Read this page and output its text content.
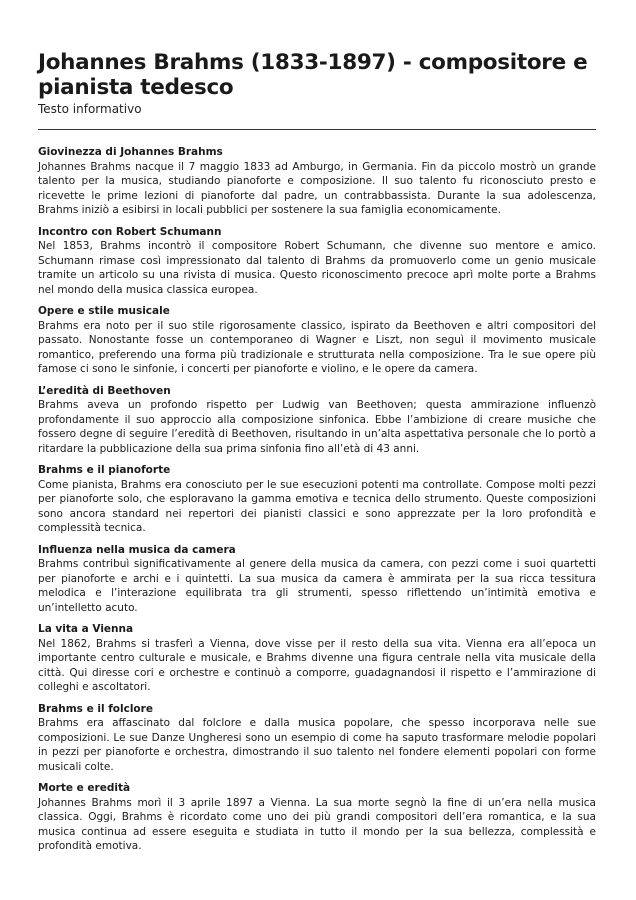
Johannes Brahms (1833-1897) - compositore e pianista tedesco
Testo informativo
Giovinezza di Johannes Brahms

Johannes Brahms nacque il 7 maggio 1833 ad Amburgo, in Germania. Fin da piccolo mostrò un grande talento per la musica, studiando pianoforte e composizione. Il suo talento fu riconosciuto presto e ricevette le prime lezioni di pianoforte dal padre, un contrabbassista. Durante la sua adolescenza, Brahms iniziò a esibirsi in locali pubblici per sostenere la sua famiglia economicamente.

Incontro con Robert Schumann

Nel 1853, Brahms incontrò il compositore Robert Schumann, che divenne suo mentore e amico. Schumann rimase così impressionato dal talento di Brahms da promuoverlo come un genio musicale tramite un articolo su una rivista di musica. Questo riconoscimento precoce aprì molte porte a Brahms nel mondo della musica classica europea.

Opere e stile musicale

Brahms era noto per il suo stile rigorosamente classico, ispirato da Beethoven e altri compositori del passato. Nonostante fosse un contemporaneo di Wagner e Liszt, non seguì il movimento musicale romantico, preferendo una forma più tradizionale e strutturata nella composizione. Tra le sue opere più famose ci sono le sinfonie, i concerti per pianoforte e violino, e le opere da camera.

L’eredità di Beethoven

Brahms aveva un profondo rispetto per Ludwig van Beethoven; questa ammirazione influenzò profondamente il suo approccio alla composizione sinfonica. Ebbe l’ambizione di creare musiche che fossero degne di seguire l’eredità di Beethoven, risultando in un’alta aspettativa personale che lo portò a ritardare la pubblicazione della sua prima sinfonia fino all’età di 43 anni.

Brahms e il pianoforte

Come pianista, Brahms era conosciuto per le sue esecuzioni potenti ma controllate. Compose molti pezzi per pianoforte solo, che esploravano la gamma emotiva e tecnica dello strumento. Queste composizioni sono ancora standard nei repertori dei pianisti classici e sono apprezzate per la loro profondità e complessità tecnica.

Influenza nella musica da camera

Brahms contribuì significativamente al genere della musica da camera, con pezzi come i suoi quartetti per pianoforte e archi e i quintetti. La sua musica da camera è ammirata per la sua ricca tessitura melodica e l’interazione equilibrata tra gli strumenti, spesso riflettendo un’intimità emotiva e un’intelletto acuto.

La vita a Vienna

Nel 1862, Brahms si trasferì a Vienna, dove visse per il resto della sua vita. Vienna era all’epoca un importante centro culturale e musicale, e Brahms divenne una figura centrale nella vita musicale della città. Qui diresse cori e orchestre e continuò a comporre, guadagnandosi il rispetto e l’ammirazione di colleghi e ascoltatori.

Brahms e il folclore

Brahms era affascinato dal folclore e dalla musica popolare, che spesso incorporava nelle sue composizioni. Le sue Danze Ungheresi sono un esempio di come ha saputo trasformare melodie popolari in pezzi per pianoforte e orchestra, dimostrando il suo talento nel fondere elementi popolari con forme musicali colte.

Morte e eredità

Johannes Brahms morì il 3 aprile 1897 a Vienna. La sua morte segnò la fine di un’era nella musica classica. Oggi, Brahms è ricordato come uno dei più grandi compositori dell’era romantica, e la sua musica continua ad essere eseguita e studiata in tutto il mondo per la sua bellezza, complessità e profondità emotiva.
